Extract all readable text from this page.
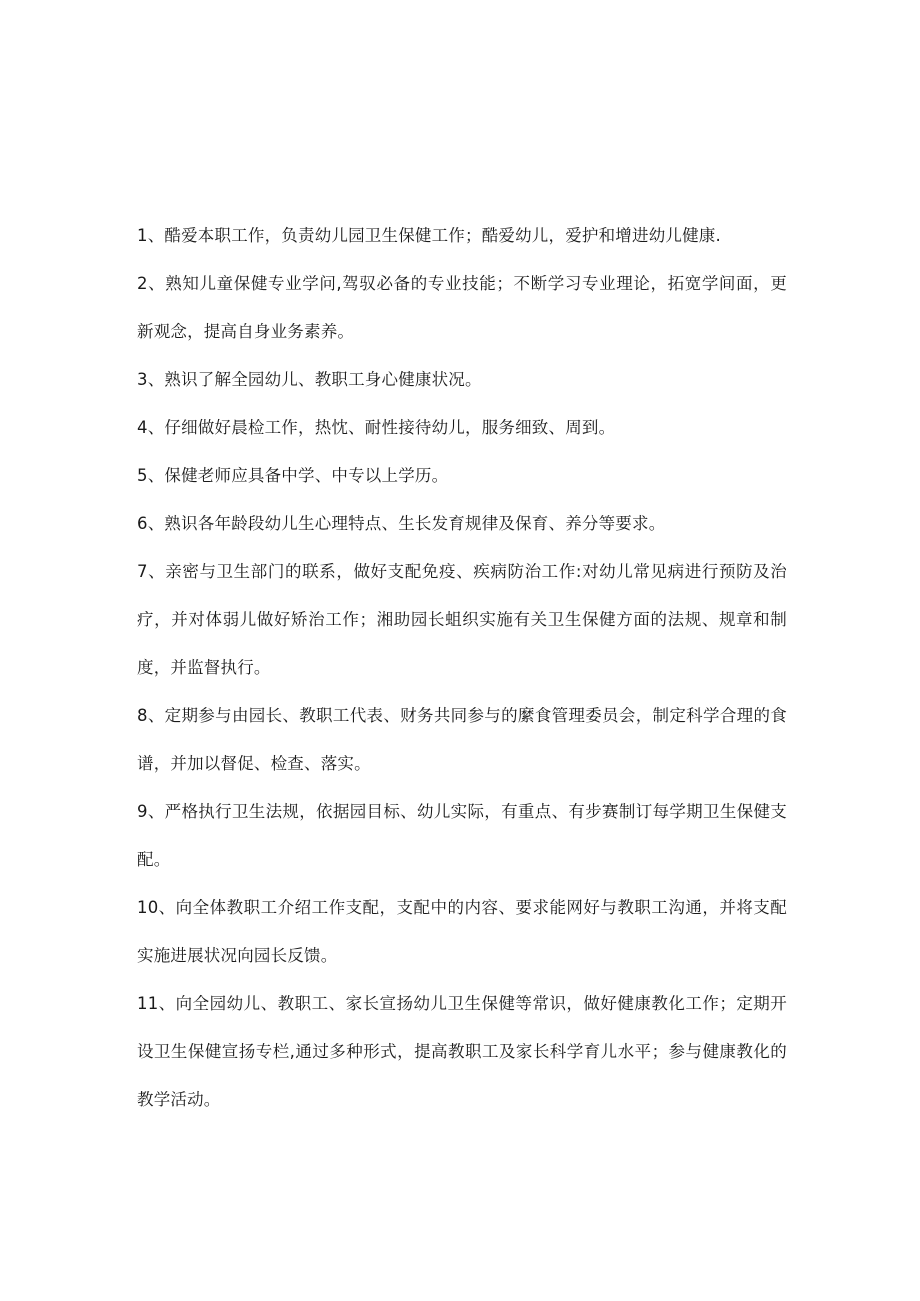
1、酷爱本职工作，负责幼儿园卫生保健工作；酷爱幼儿，爱护和增进幼儿健康.

2、熟知儿童保健专业学问,驾驭必备的专业技能；不断学习专业理论，拓宽学间面，更新观念，提高自身业务素养。

3、熟识了解全园幼儿、教职工身心健康状况。

4、仔细做好晨检工作，热忱、耐性接待幼儿，服务细致、周到。

5、保健老师应具备中学、中专以上学历。

6、熟识各年龄段幼儿生心理特点、生长发育规律及保育、养分等要求。

7、亲密与卫生部门的联系，做好支配免疫、疾病防治工作:对幼儿常见病进行预防及治疗，并对体弱儿做好矫治工作；湘助园长蛆织实施有关卫生保健方面的法规、规章和制度，并监督执行。

8、定期参与由园长、教职工代表、财务共同参与的縻食管理委员会，制定科学合理的食谱，并加以督促、检查、落实。

9、严格执行卫生法规，依据园目标、幼儿实际，有重点、有步赛制订每学期卫生保健支配。

10、向全体教职工介绍工作支配，支配中的内容、要求能网好与教职工沟通，并将支配实施进展状况向园长反馈。

11、向全园幼儿、教职工、家长宣扬幼儿卫生保健等常识，做好健康教化工作；定期开设卫生保健宣扬专栏,通过多种形式，提高教职工及家长科学育儿水平；参与健康教化的教学活动。
